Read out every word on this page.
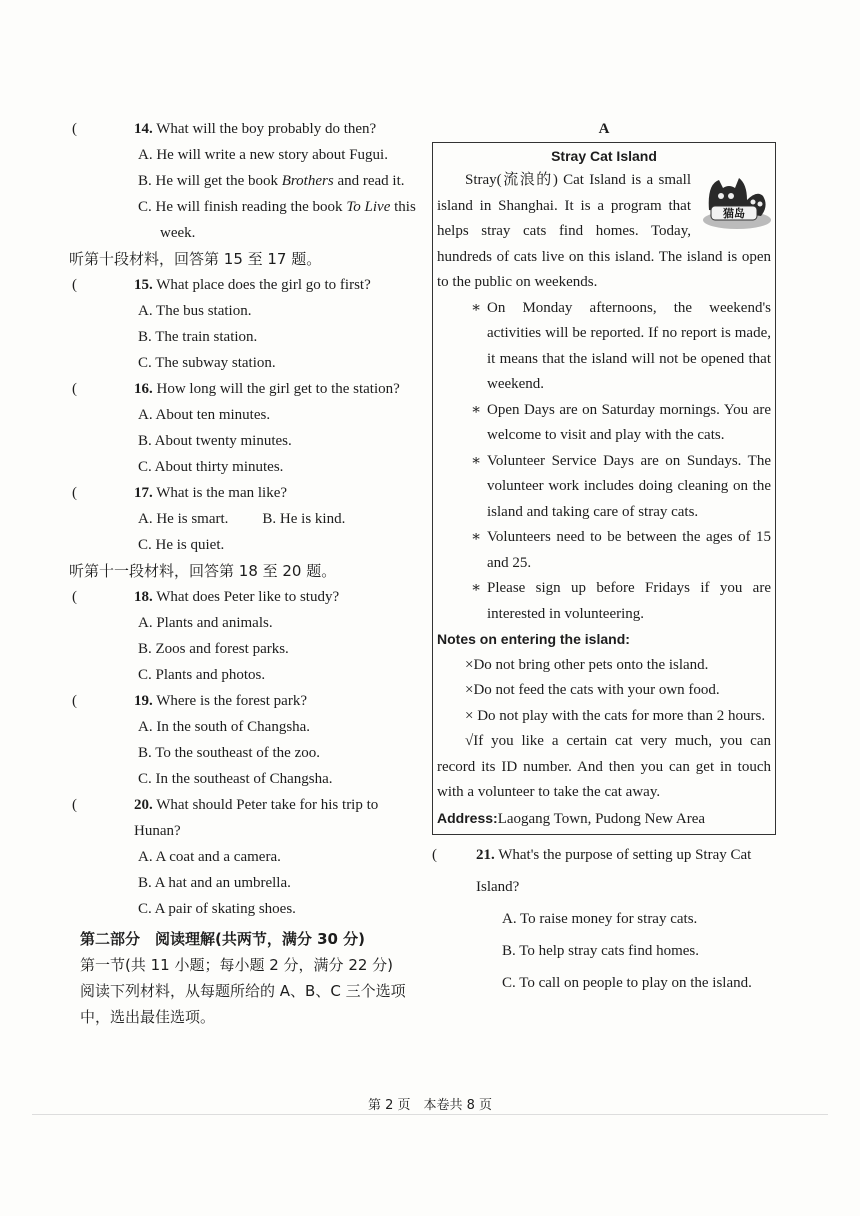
(	14. What will the boy probably do then?
A. He will write a new story about Fugui.
B. He will get the book Brothers and read it.
C. He will finish reading the book To Live this week.
听第十段材料，回答第 15 至 17 题。
(	15. What place does the girl go to first?
A. The bus station.
B. The train station.
C. The subway station.
(	16. How long will the girl get to the station?
A. About ten minutes.
B. About twenty minutes.
C. About thirty minutes.
(	17. What is the man like?
A. He is smart. B. He is kind.
C. He is quiet.
听第十一段材料，回答第 18 至 20 题。
(	18. What does Peter like to study?
A. Plants and animals.
B. Zoos and forest parks.
C. Plants and photos.
(	19. Where is the forest park?
A. In the south of Changsha.
B. To the southeast of the zoo.
C. In the southeast of Changsha.
(	20. What should Peter take for his trip to Hunan?
A. A coat and a camera.
B. A hat and an umbrella.
C. A pair of skating shoes.
第二部分　阅读理解(共两节，满分 30 分)
第一节(共 11 小题；每小题 2 分，满分 22 分)
阅读下列材料，从每题所给的 A、B、C 三个选项中，选出最佳选项。
A
Stray Cat Island
猫岛
Stray(流浪的) Cat Island is a small island in Shanghai. It is a program that helps stray cats find homes. Today, hundreds of cats live on this island. The island is open to the public on weekends.
∗ On Monday afternoons, the weekend's activities will be reported. If no report is made, it means that the island will not be opened that weekend.
∗ Open Days are on Saturday mornings. You are welcome to visit and play with the cats.
∗ Volunteer Service Days are on Sundays. The volunteer work includes doing cleaning on the island and taking care of stray cats.
∗ Volunteers need to be between the ages of 15 and 25.
∗ Please sign up before Fridays if you are interested in volunteering.
Notes on entering the island:
×Do not bring other pets onto the island.
×Do not feed the cats with your own food.
× Do not play with the cats for more than 2 hours.
√If you like a certain cat very much, you can record its ID number. And then you can get in touch with a volunteer to take the cat away.
Address:Laogang Town, Pudong New Area
(	21. What's the purpose of setting up Stray Cat Island?
A. To raise money for stray cats.
B. To help stray cats find homes.
C. To call on people to play on the island.
第 2 页　本卷共 8 页
